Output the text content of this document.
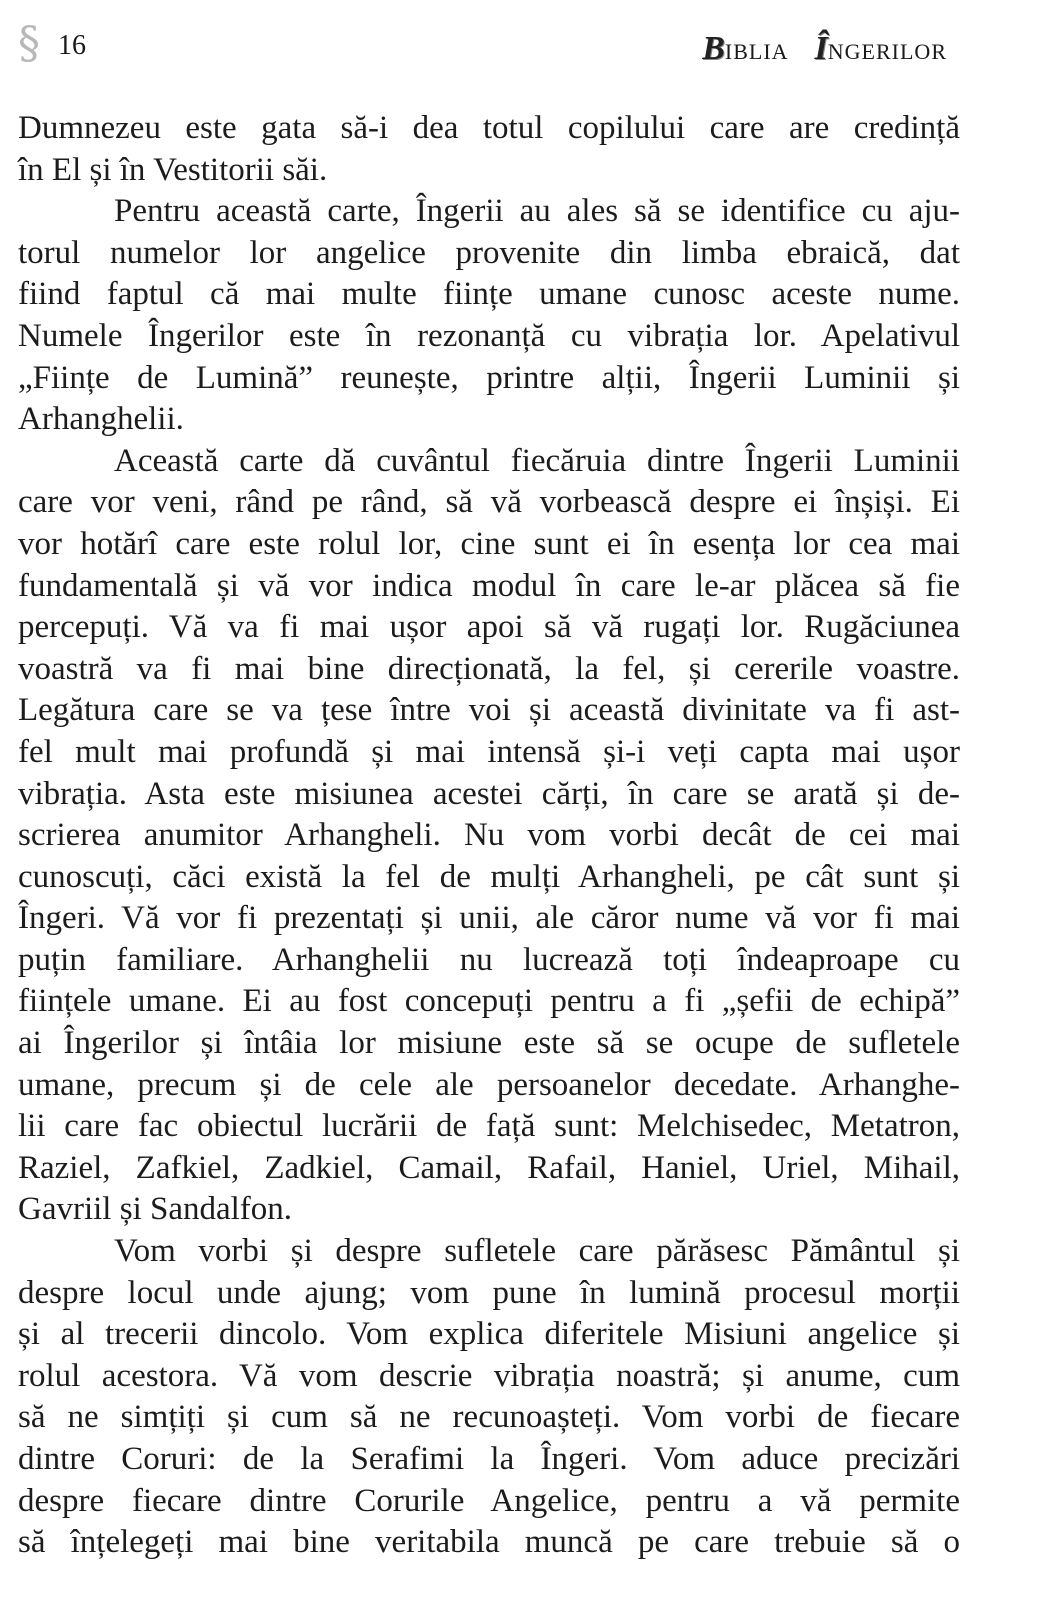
§ 16	BIBLIA ÎNGERILOR
Dumnezeu este gata să-i dea totul copilului care are credință
în El și în Vestitorii săi.
Pentru această carte, Îngerii au ales să se identifice cu aju-
torul numelor lor angelice provenite din limba ebraică, dat
fiind faptul că mai multe ființe umane cunosc aceste nume.
Numele Îngerilor este în rezonanță cu vibrația lor. Apelativul
„Ființe de Lumină” reunește, printre alții, Îngerii Luminii și
Arhanghelii.
Această carte dă cuvântul fiecăruia dintre Îngerii Luminii
care vor veni, rând pe rând, să vă vorbească despre ei înșiși. Ei
vor hotărî care este rolul lor, cine sunt ei în esența lor cea mai
fundamentală și vă vor indica modul în care le-ar plăcea să fie
percepuți. Vă va fi mai ușor apoi să vă rugați lor. Rugăciunea
voastră va fi mai bine direcționată, la fel, și cererile voastre.
Legătura care se va țese între voi și această divinitate va fi ast-
fel mult mai profundă și mai intensă și-i veți capta mai ușor
vibrația. Asta este misiunea acestei cărți, în care se arată și de-
scrierea anumitor Arhangheli. Nu vom vorbi decât de cei mai
cunoscuți, căci există la fel de mulți Arhangheli, pe cât sunt și
Îngeri. Vă vor fi prezentați și unii, ale căror nume vă vor fi mai
puțin familiare. Arhanghelii nu lucrează toți îndeaproape cu
ființele umane. Ei au fost concepuți pentru a fi „șefii de echipă”
ai Îngerilor și întâia lor misiune este să se ocupe de sufletele
umane, precum și de cele ale persoanelor decedate. Arhanghe-
lii care fac obiectul lucrării de față sunt: Melchisedec, Metatron,
Raziel, Zafkiel, Zadkiel, Camail, Rafail, Haniel, Uriel, Mihail,
Gavriil și Sandalfon.
Vom vorbi și despre sufletele care părăsesc Pământul și
despre locul unde ajung; vom pune în lumină procesul morții
și al trecerii dincolo. Vom explica diferitele Misiuni angelice și
rolul acestora. Vă vom descrie vibrația noastră; și anume, cum
să ne simțiți și cum să ne recunoașteți. Vom vorbi de fiecare
dintre Coruri: de la Serafimi la Îngeri. Vom aduce precizări
despre fiecare dintre Corurile Angelice, pentru a vă permite
să înțelegeți mai bine veritabila muncă pe care trebuie să o
